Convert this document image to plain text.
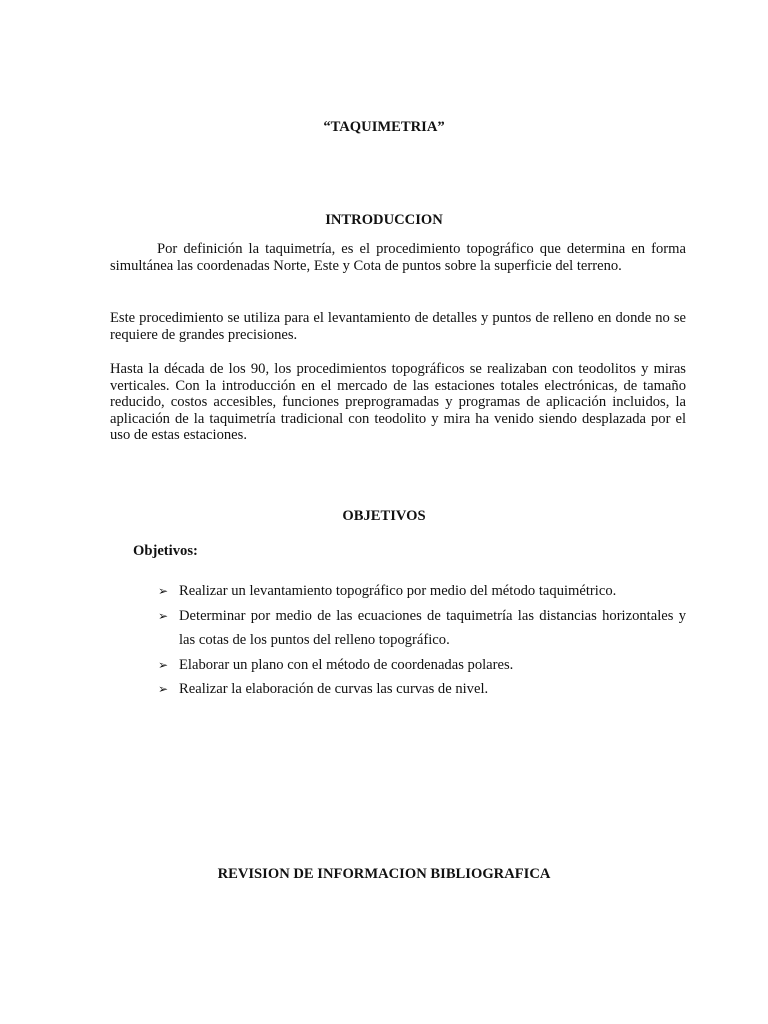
“TAQUIMETRIA”
INTRODUCCION

Por definición la taquimetría, es el procedimiento topográfico que determina en forma simultánea las coordenadas Norte, Este y Cota de puntos sobre la superficie del terreno.

Este procedimiento se utiliza para el levantamiento de detalles y puntos de relleno en donde no se requiere de grandes precisiones.

Hasta la década de los 90, los procedimientos topográficos se realizaban con teodolitos y miras verticales. Con la introducción en el mercado de las estaciones totales electrónicas, de tamaño reducido, costos accesibles, funciones preprogramadas y programas de aplicación incluidos, la aplicación de la taquimetría tradicional con teodolito y mira ha venido siendo desplazada por el uso de estas estaciones.

OBJETIVOS

Objetivos:

➢ Realizar un levantamiento topográfico por medio del método taquimétrico.
➢ Determinar por medio de las ecuaciones de taquimetría las distancias horizontales y las cotas de los puntos del relleno topográfico.
➢ Elaborar un plano con el método de coordenadas polares.
➢ Realizar la elaboración de curvas las curvas de nivel.
REVISION DE INFORMACION BIBLIOGRAFICA
